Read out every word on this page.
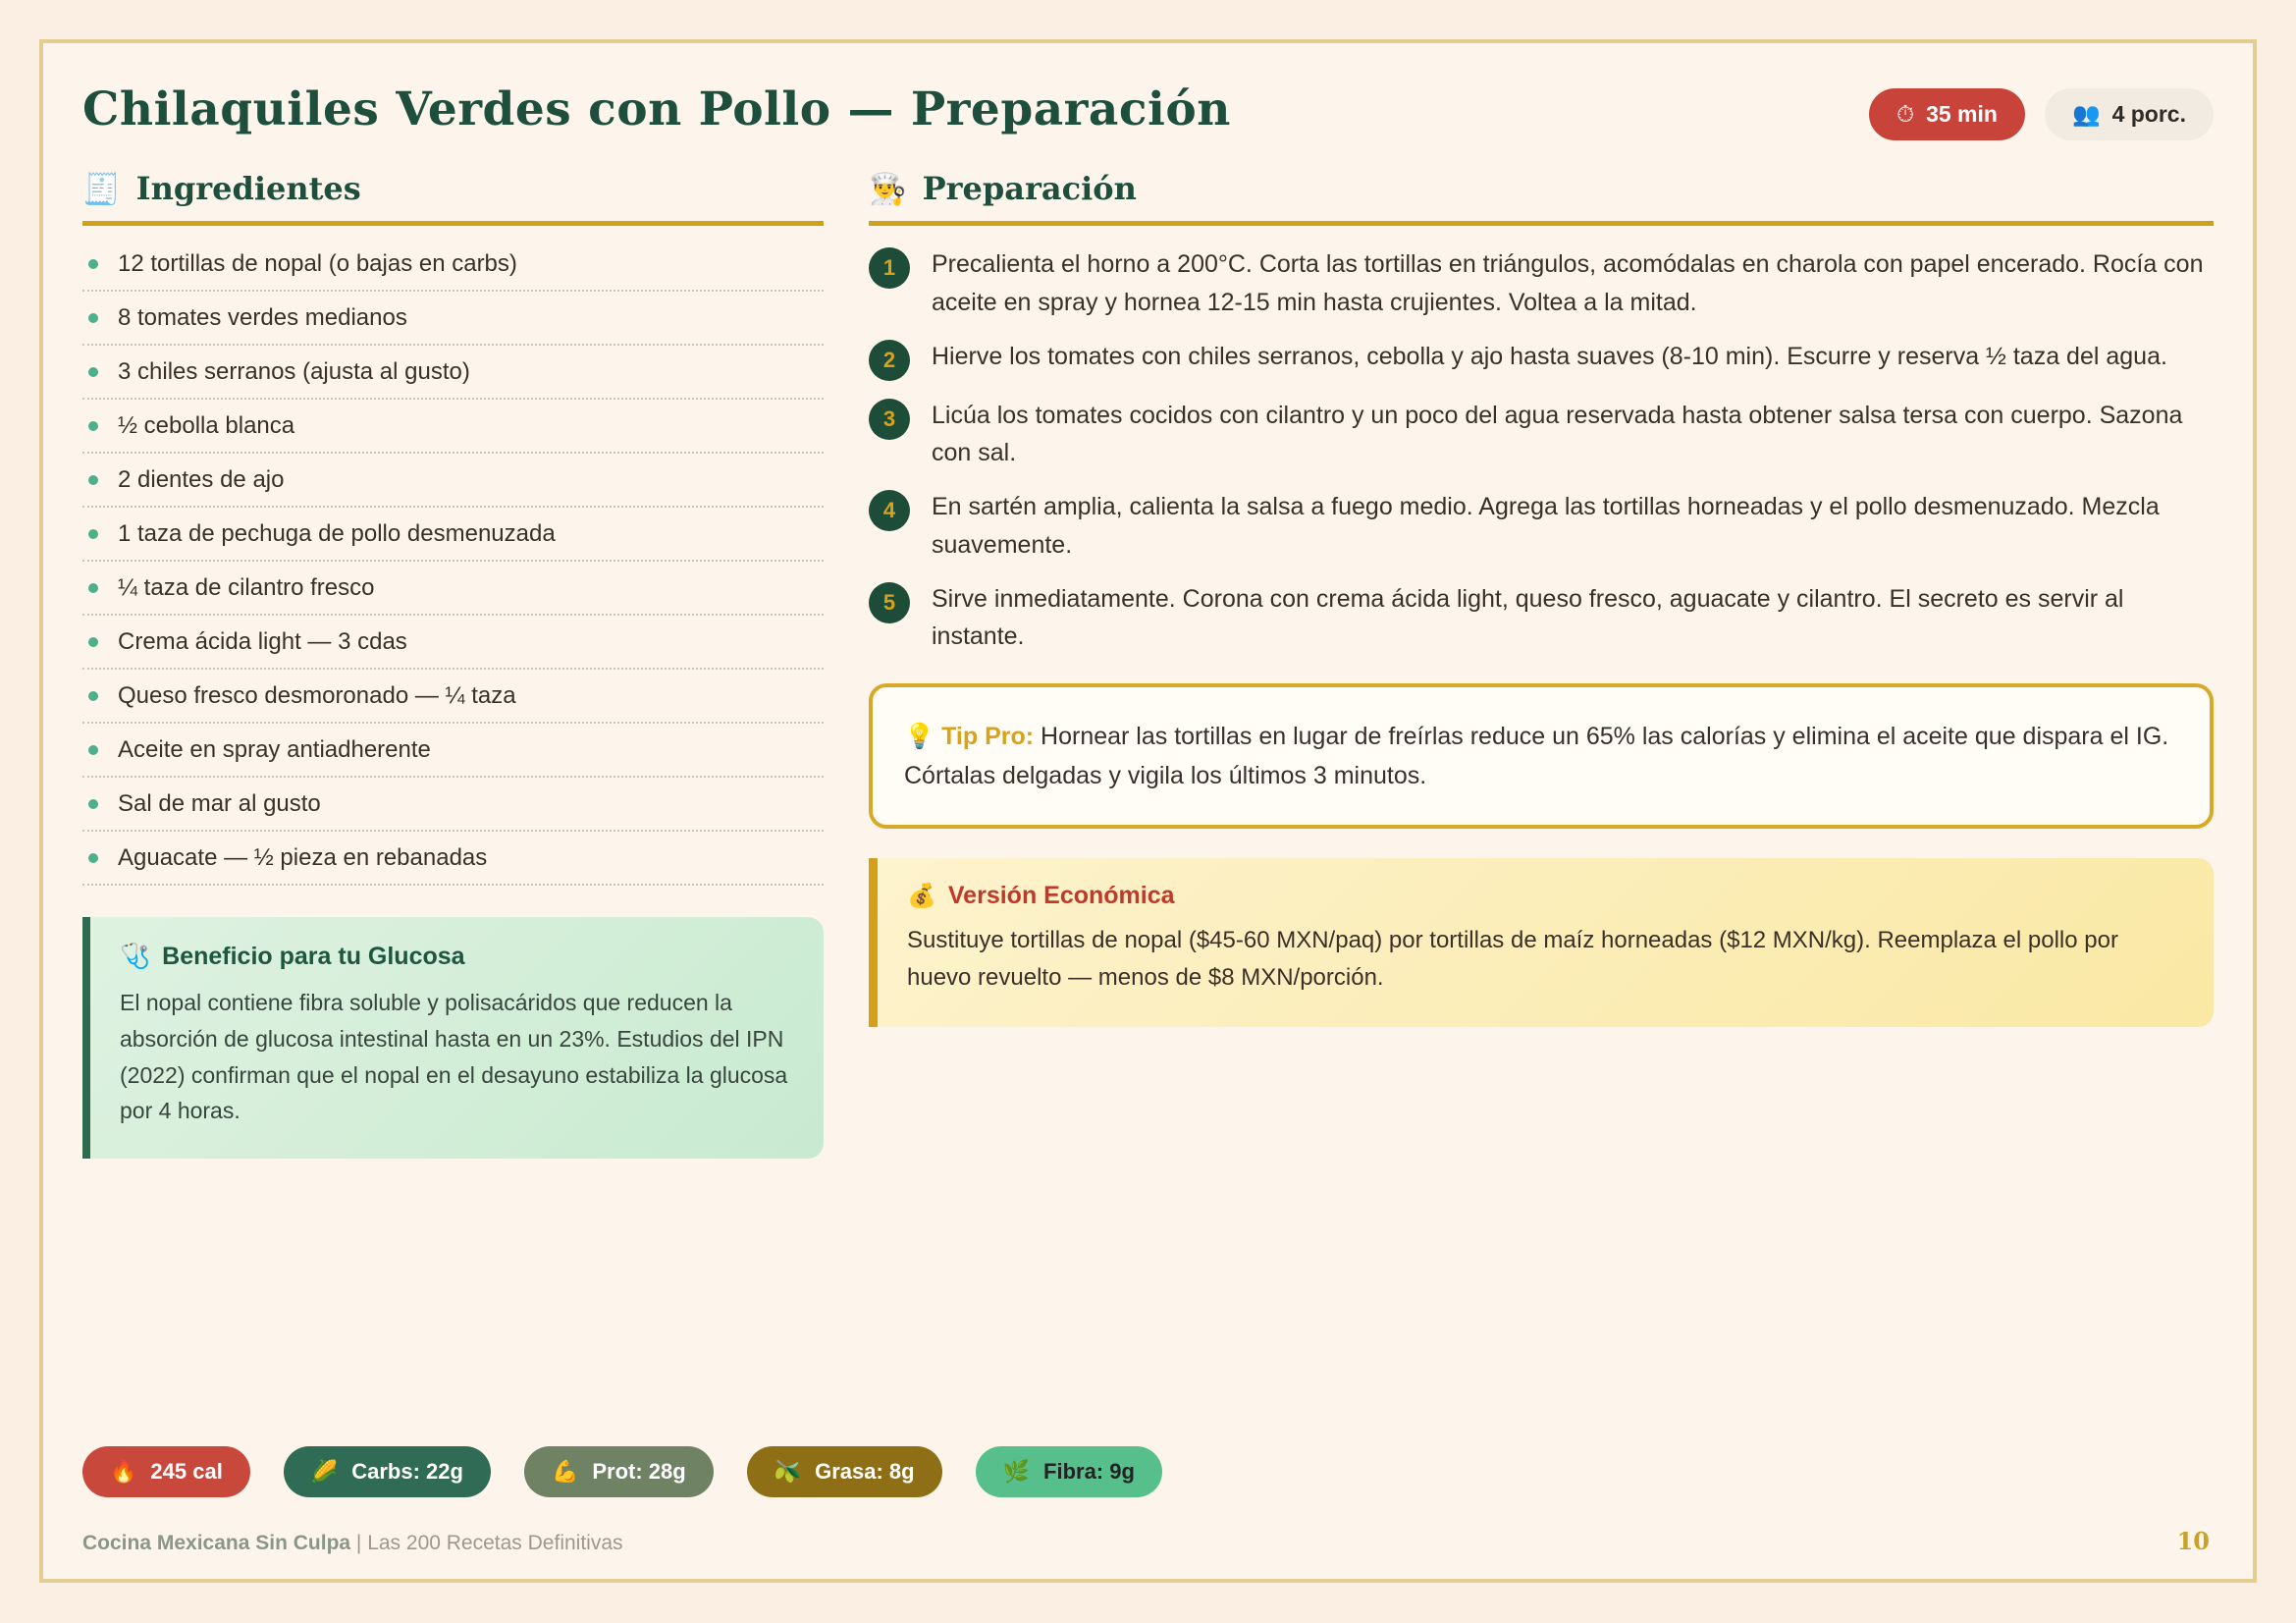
Chilaquiles Verdes con Pollo — Preparación	⏱ 35 min	👥 4 porc.
🧾 Ingredientes
12 tortillas de nopal (o bajas en carbs)
8 tomates verdes medianos
3 chiles serranos (ajusta al gusto)
½ cebolla blanca
2 dientes de ajo
1 taza de pechuga de pollo desmenuzada
¼ taza de cilantro fresco
Crema ácida light — 3 cdas
Queso fresco desmoronado — ¼ taza
Aceite en spray antiadherente
Sal de mar al gusto
Aguacate — ½ pieza en rebanadas
🩺 Beneficio para tu Glucosa
El nopal contiene fibra soluble y polisacáridos que reducen la absorción de glucosa intestinal hasta en un 23%. Estudios del IPN (2022) confirman que el nopal en el desayuno estabiliza la glucosa por 4 horas.
👨‍🍳 Preparación
1	Precalienta el horno a 200°C. Corta las tortillas en triángulos, acomódalas en charola con papel encerado. Rocía con aceite en spray y hornea 12-15 min hasta crujientes. Voltea a la mitad.
2	Hierve los tomates con chiles serranos, cebolla y ajo hasta suaves (8-10 min). Escurre y reserva ½ taza del agua.
3	Licúa los tomates cocidos con cilantro y un poco del agua reservada hasta obtener salsa tersa con cuerpo. Sazona con sal.
4	En sartén amplia, calienta la salsa a fuego medio. Agrega las tortillas horneadas y el pollo desmenuzado. Mezcla suavemente.
5	Sirve inmediatamente. Corona con crema ácida light, queso fresco, aguacate y cilantro. El secreto es servir al instante.
💡 Tip Pro: Hornear las tortillas en lugar de freírlas reduce un 65% las calorías y elimina el aceite que dispara el IG. Córtalas delgadas y vigila los últimos 3 minutos.
💰 Versión Económica
Sustituye tortillas de nopal ($45-60 MXN/paq) por tortillas de maíz horneadas ($12 MXN/kg). Reemplaza el pollo por huevo revuelto — menos de $8 MXN/porción.
🔥 245 cal	🌽 Carbs: 22g	💪 Prot: 28g	🫒 Grasa: 8g	🌿 Fibra: 9g
Cocina Mexicana Sin Culpa | Las 200 Recetas Definitivas	10
